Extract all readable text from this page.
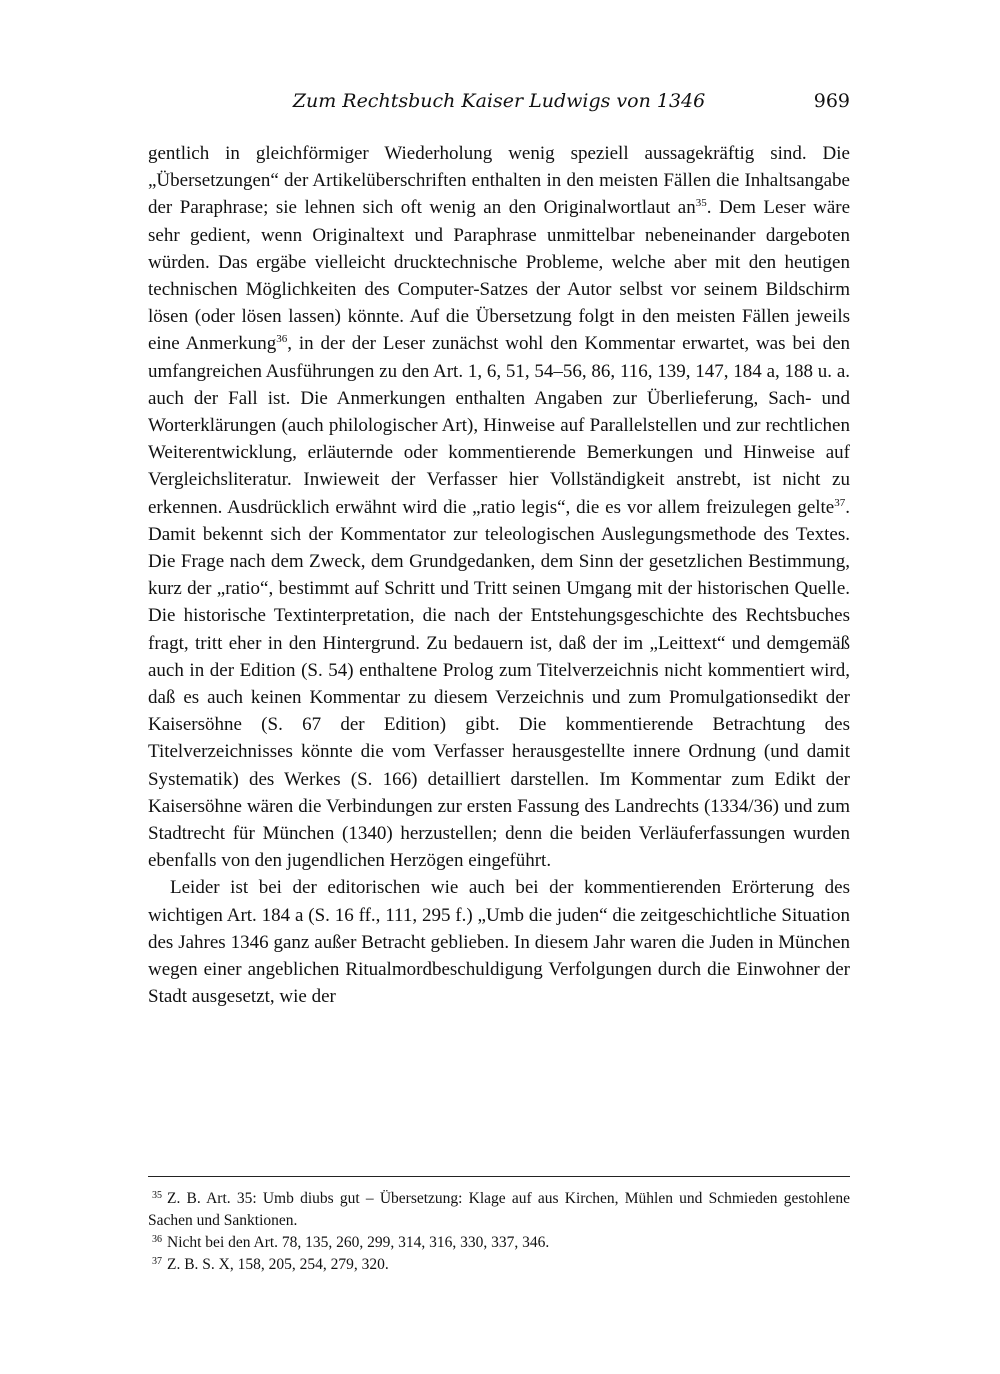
Zum Rechtsbuch Kaiser Ludwigs von 1346	969

gentlich in gleichförmiger Wiederholung wenig speziell aussagekräftig sind. Die „Übersetzungen“ der Artikelüberschriften enthalten in den meisten Fällen die Inhaltsangabe der Paraphrase; sie lehnen sich oft wenig an den Originalwortlaut $an^{35}$. Dem Leser wäre sehr gedient, wenn Originaltext und Paraphrase unmittelbar nebeneinander dargeboten würden. Das ergäbe vielleicht drucktechnische Probleme, welche aber mit den heutigen technischen Möglichkeiten des Computer-Satzes der Autor selbst vor seinem Bildschirm lösen (oder lösen lassen) könnte. Auf die Übersetzung folgt in den meisten Fällen jeweils eine Anmerkung$^{36}$, in der der Leser zunächst wohl den Kommentar erwartet, was bei den umfangreichen Ausführungen zu den Art. 1, 6, 51, 54–56, 86, 116, 139, 147, 184 a, 188 u. a. auch der Fall ist. Die Anmerkungen enthalten Angaben zur Überlieferung, Sach- und Worterklärungen (auch philologischer Art), Hinweise auf Parallelstellen und zur rechtlichen Weiterentwicklung, erläuternde oder kommentierende Bemerkungen und Hinweise auf Vergleichsliteratur. Inwieweit der Verfasser hier Vollständigkeit anstrebt, ist nicht zu erkennen. Ausdrücklich erwähnt wird die „ratio legis“, die es vor allem freizulegen gelte$^{37}$. Damit bekennt sich der Kommentator zur teleologischen Auslegungsmethode des Textes. Die Frage nach dem Zweck, dem Grundgedanken, dem Sinn der gesetzlichen Bestimmung, kurz der „ratio“, bestimmt auf Schritt und Tritt seinen Umgang mit der historischen Quelle. Die historische Textinterpretation, die nach der Entstehungsgeschichte des Rechtsbuches fragt, tritt eher in den Hintergrund. Zu bedauern ist, daß der im „Leittext“ und demgemäß auch in der Edition (S. 54) enthaltene Prolog zum Titelverzeichnis nicht kommentiert wird, daß es auch keinen Kommentar zu diesem Verzeichnis und zum Promulgationsedikt der Kaisersöhne (S. 67 der Edition) gibt. Die kommentierende Betrachtung des Titelverzeichnisses könnte die vom Verfasser herausgestellte innere Ordnung (und damit Systematik) des Werkes (S. 166) detailliert darstellen. Im Kommentar zum Edikt der Kaisersöhne wären die Verbindungen zur ersten Fassung des Landrechts (1334/36) und zum Stadtrecht für München (1340) herzustellen; denn die beiden Verläuferfassungen wurden ebenfalls von den jugendlichen Herzögen eingeführt.

Leider ist bei der editorischen wie auch bei der kommentierenden Erörterung des wichtigen Art. 184 a (S. 16 ff., 111, 295 f.) „Umb die juden“ die zeitgeschichtliche Situation des Jahres 1346 ganz außer Betracht geblieben. In diesem Jahr waren die Juden in München wegen einer angeblichen Ritualmordbeschuldigung Verfolgungen durch die Einwohner der Stadt ausgesetzt, wie der

$^{35}$ Z. B. Art. 35: Umb diubs gut – Übersetzung: Klage auf aus Kirchen, Mühlen und Schmieden gestohlene Sachen und Sanktionen.

$^{36}$ Nicht bei den Art. 78, 135, 260, 299, 314, 316, 330, 337, 346.

$^{37}$ Z. B. S. X, 158, 205, 254, 279, 320.
